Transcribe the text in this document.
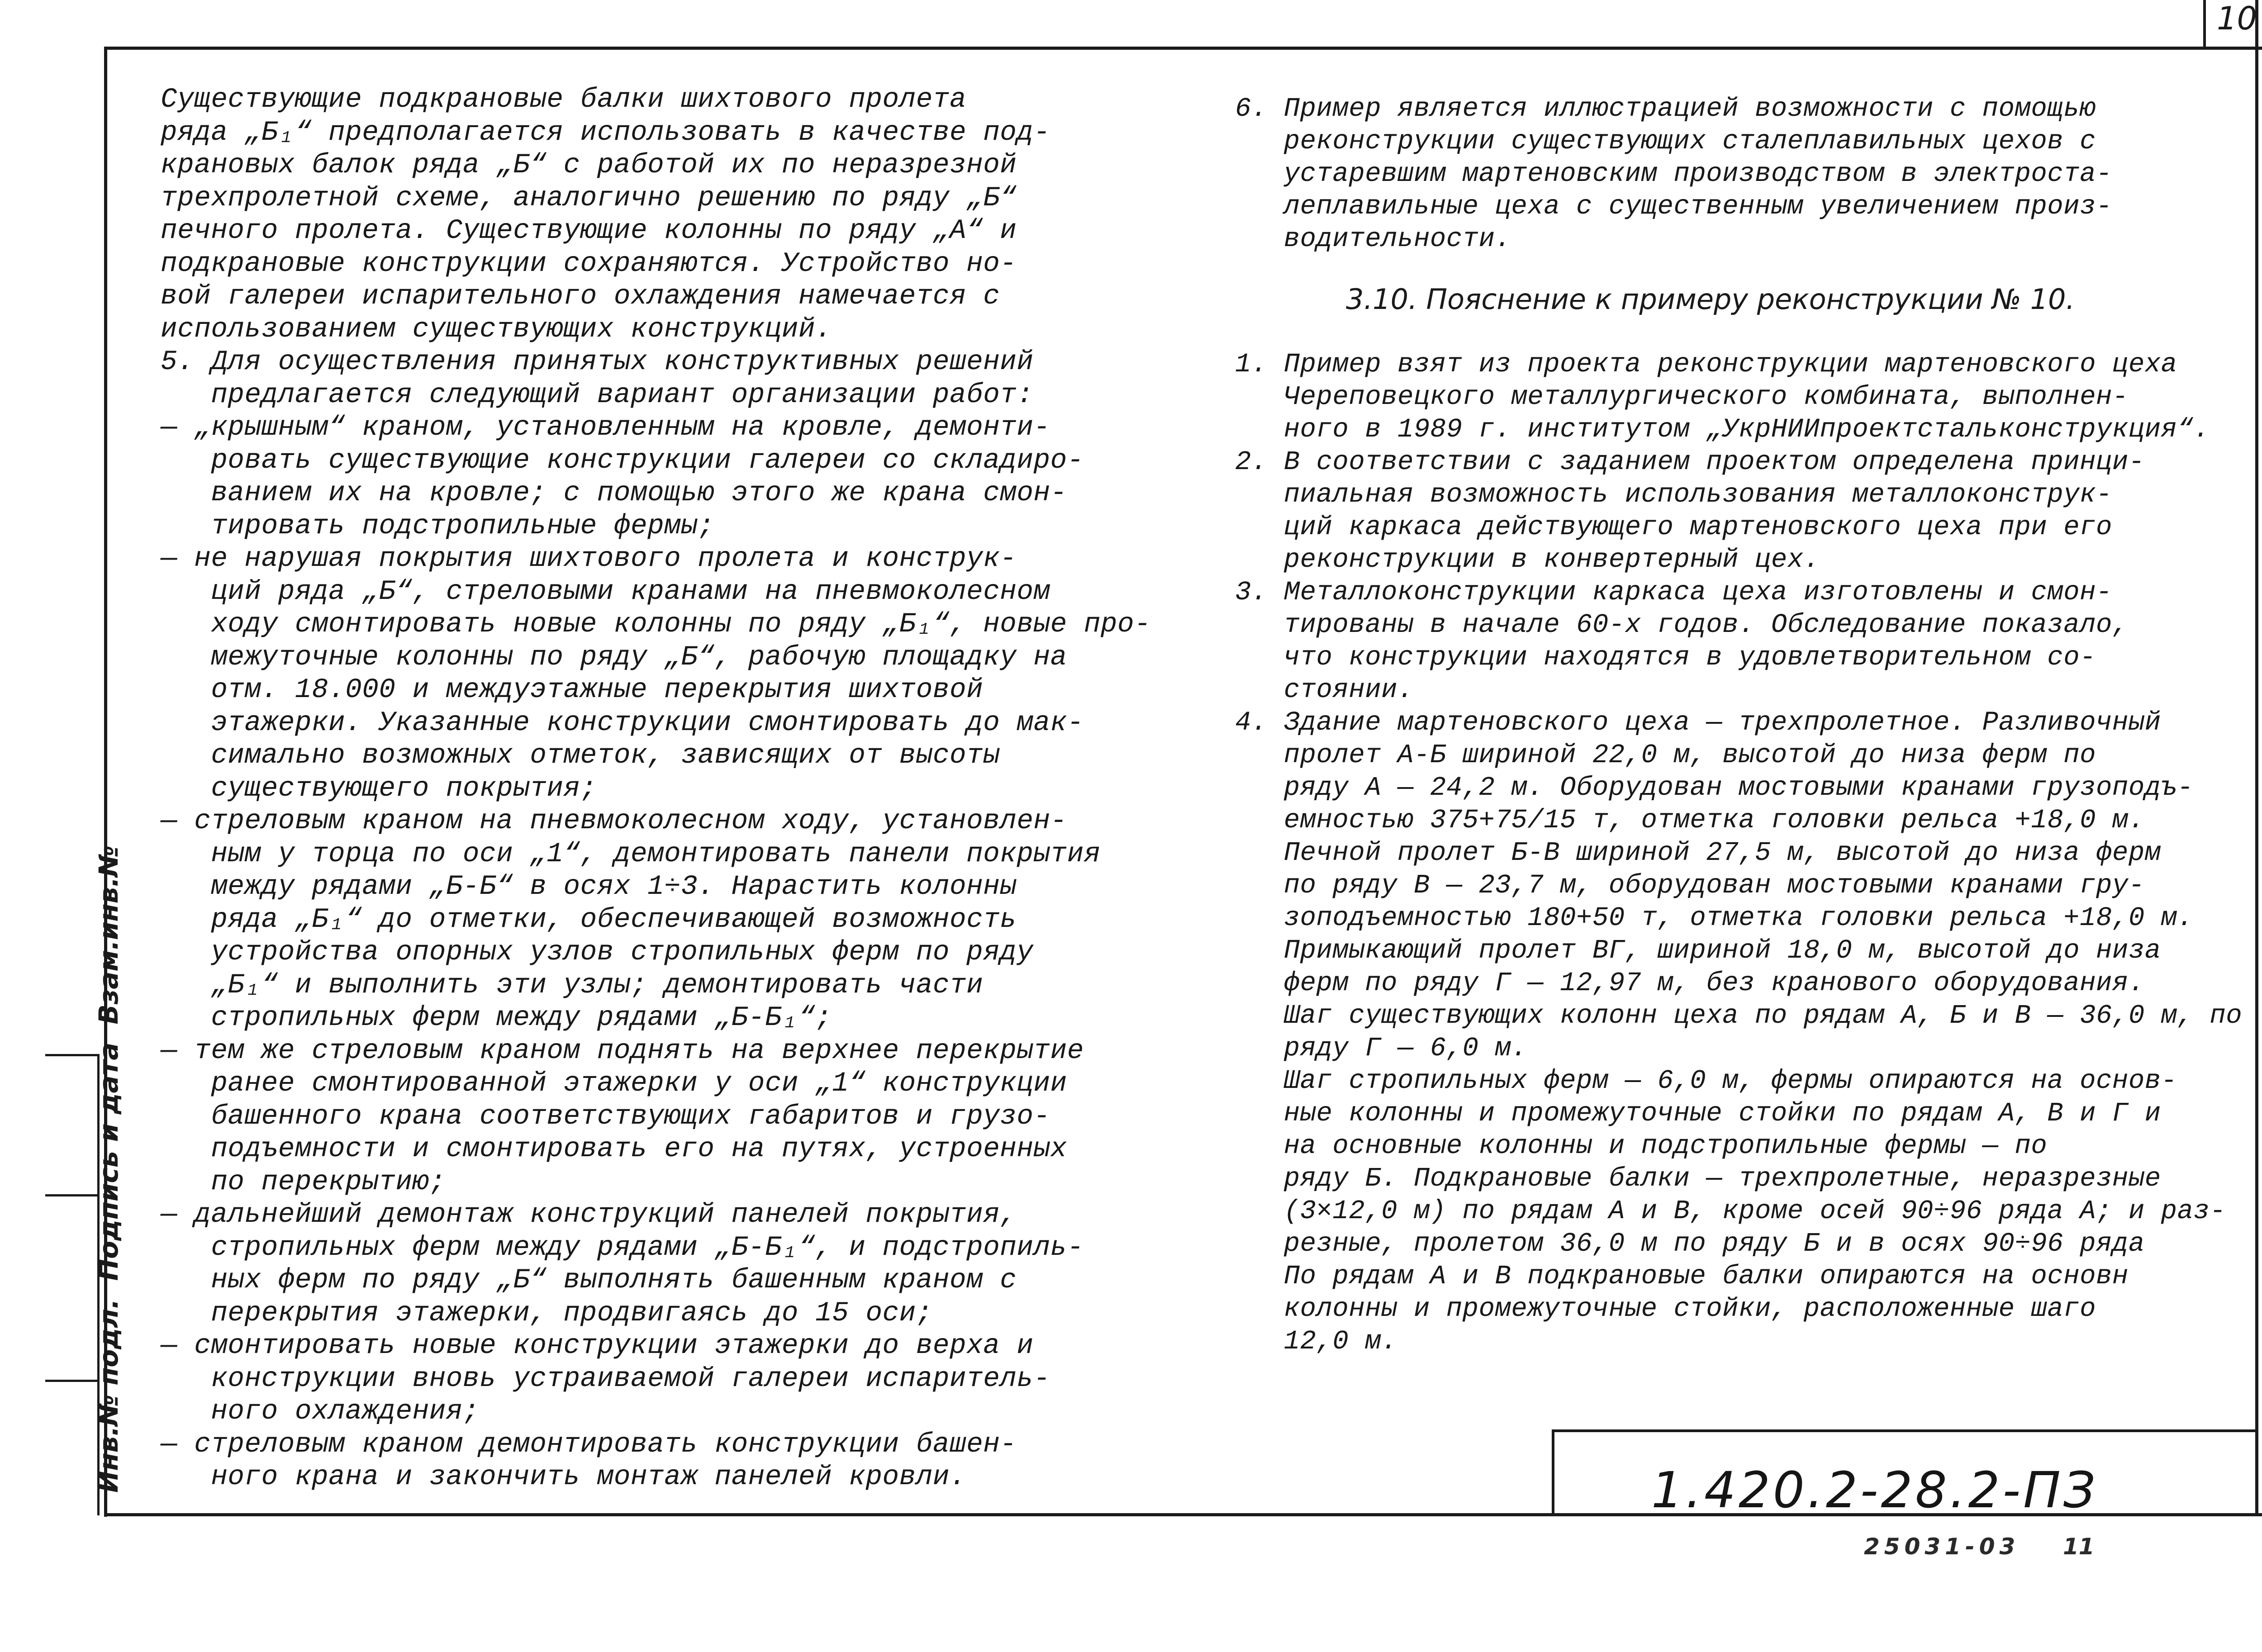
Инв.№ подл.
Подпись и дата
Взам.инв.№
10
Существующие подкрановые балки шихтового пролета
ряда „Б₁“ предполагается использовать в качестве под-
крановых балок ряда „Б“ с работой их по неразрезной
трехпролетной схеме, аналогично решению по ряду „Б“
печного пролета. Существующие колонны по ряду „А“ и
подкрановые конструкции сохраняются. Устройство но-
вой галереи испарительного охлаждения намечается с
использованием существующих конструкций.
5. Для осуществления принятых конструктивных решений
предлагается следующий вариант организации работ:
— „крышным“ краном, установленным на кровле, демонти-
ровать существующие конструкции галереи со складиро-
ванием их на кровле; с помощью этого же крана смон-
тировать подстропильные фермы;
— не нарушая покрытия шихтового пролета и конструк-
ций ряда „Б“, стреловыми кранами на пневмоколесном
ходу смонтировать новые колонны по ряду „Б₁“, новые про-
межуточные колонны по ряду „Б“, рабочую площадку на
отм. 18.000 и междуэтажные перекрытия шихтовой
этажерки. Указанные конструкции смонтировать до мак-
симально возможных отметок, зависящих от высоты
существующего покрытия;
— стреловым краном на пневмоколесном ходу, установлен-
ным у торца по оси „1“, демонтировать панели покрытия
между рядами „Б-Б“ в осях 1÷3. Нарастить колонны
ряда „Б₁“ до отметки, обеспечивающей возможность
устройства опорных узлов стропильных ферм по ряду
„Б₁“ и выполнить эти узлы; демонтировать части
стропильных ферм между рядами „Б-Б₁“;
— тем же стреловым краном поднять на верхнее перекрытие
ранее смонтированной этажерки у оси „1“ конструкции
башенного крана соответствующих габаритов и грузо-
подъемности и смонтировать его на путях, устроенных
по перекрытию;
— дальнейший демонтаж конструкций панелей покрытия,
стропильных ферм между рядами „Б-Б₁“, и подстропиль-
ных ферм по ряду „Б“ выполнять башенным краном с
перекрытия этажерки, продвигаясь до 15 оси;
— смонтировать новые конструкции этажерки до верха и
конструкции вновь устраиваемой галереи испаритель-
ного охлаждения;
— стреловым краном демонтировать конструкции башен-
ного крана и закончить монтаж панелей кровли.
6. Пример является иллюстрацией возможности с помощью
реконструкции существующих сталеплавильных цехов с
устаревшим мартеновским производством в электроста-
леплавильные цеха с существенным увеличением произ-
водительности.
3.10. Пояснение к примеру реконструкции № 10.
1. Пример взят из проекта реконструкции мартеновского цеха
Череповецкого металлургического комбината, выполнен-
ного в 1989 г. институтом „УкрНИИпроектстальконструкция“.
2. В соответствии с заданием проектом определена принци-
пиальная возможность использования металлоконструк-
ций каркаса действующего мартеновского цеха при его
реконструкции в конвертерный цех.
3. Металлоконструкции каркаса цеха изготовлены и смон-
тированы в начале 60-х годов. Обследование показало,
что конструкции находятся в удовлетворительном со-
стоянии.
4. Здание мартеновского цеха — трехпролетное. Разливочный
пролет А-Б шириной 22,0 м, высотой до низа ферм по
ряду А — 24,2 м. Оборудован мостовыми кранами грузоподъ-
емностью 375+75/15 т, отметка головки рельса +18,0 м.
Печной пролет Б-В шириной 27,5 м, высотой до низа ферм
по ряду В — 23,7 м, оборудован мостовыми кранами гру-
зоподъемностью 180+50 т, отметка головки рельса +18,0 м.
Примыкающий пролет ВГ, шириной 18,0 м, высотой до низа
ферм по ряду Г — 12,97 м, без кранового оборудования.
Шаг существующих колонн цеха по рядам А, Б и В — 36,0 м, по
ряду Г — 6,0 м.
Шаг стропильных ферм — 6,0 м, фермы опираются на основ-
ные колонны и промежуточные стойки по рядам А, В и Г и
на основные колонны и подстропильные фермы — по
ряду Б. Подкрановые балки — трехпролетные, неразрезные
(3×12,0 м) по рядам А и В, кроме осей 90÷96 ряда А; и раз-
резные, пролетом 36,0 м по ряду Б и в осях 90÷96 ряда
По рядам А и В подкрановые балки опираются на основн
колонны и промежуточные стойки, расположенные шаго
12,0 м.
1.420.2-28.2-ПЗ
25031-03 11
